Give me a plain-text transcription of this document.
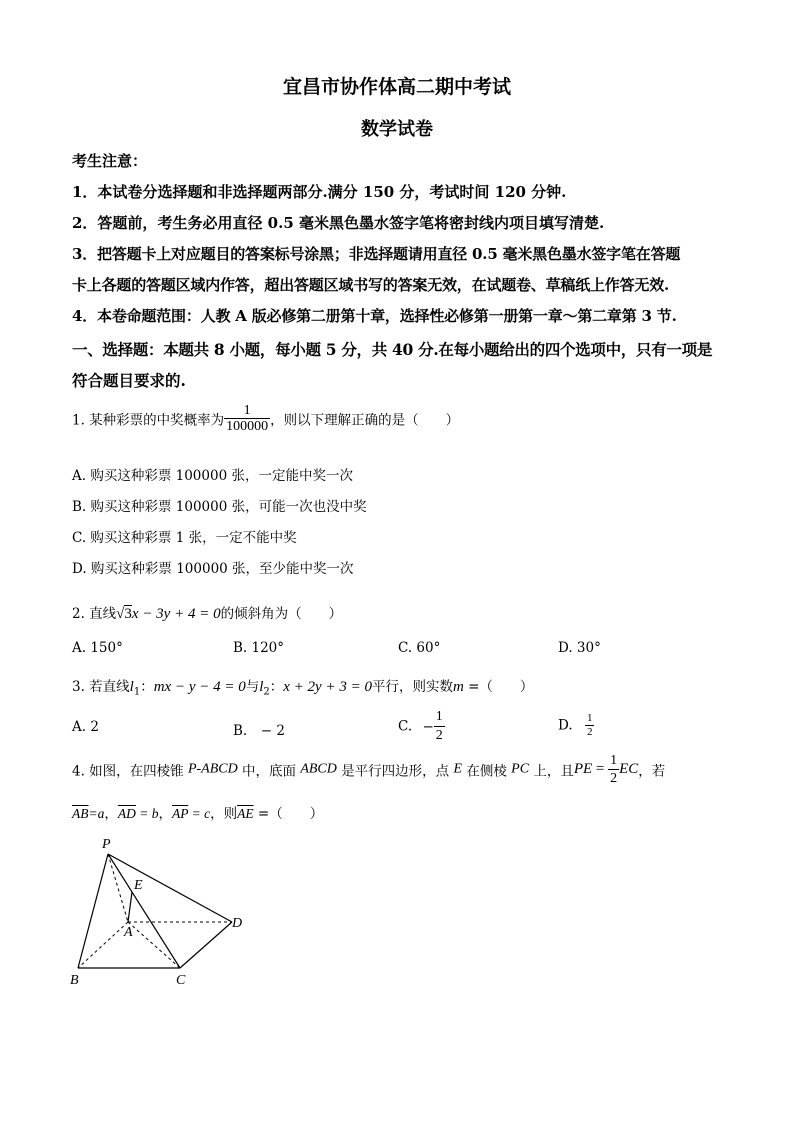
宜昌市协作体高二期中考试
数学试卷
考生注意：
1．本试卷分选择题和非选择题两部分.满分 150 分，考试时间 120 分钟.
2．答题前，考生务必用直径 0.5 毫米黑色墨水签字笔将密封线内项目填写清楚.
3．把答题卡上对应题目的答案标号涂黑；非选择题请用直径 0.5 毫米黑色墨水签字笔在答题
卡上各题的答题区域内作答，超出答题区域书写的答案无效，在试题卷、草稿纸上作答无效.
4．本卷命题范围：人教 A 版必修第二册第十章，选择性必修第一册第一章～第二章第 3 节.
一、选择题：本题共 8 小题，每小题 5 分，共 40 分.在每小题给出的四个选项中，只有一项是
符合题目要求的.
1. 某种彩票的中奖概率为 $\frac{1}{100000}$ ，则以下理解正确的是（　　）
A. 购买这种彩票 100000 张，一定能中奖一次
B. 购买这种彩票 100000 张，可能一次也没中奖
C. 购买这种彩票 1 张，一定不能中奖
D. 购买这种彩票 100000 张，至少能中奖一次
2. 直线√3x − 3y + 4 = 0的倾斜角为（　　）
A. 150°	B. 120°	C. 60°	D. 30°
3. 若直线$l_1$：mx − y − 4 = 0与$l_2$：x + 2y + 3 = 0平行，则实数m =（　　）
A. 2	B.　− 2	C. − $\frac{1}{2}$	D. $\frac{1}{2}$
4. 如图，在四棱锥 P-ABCD 中，底面 ABCD 是平行四边形，点 E 在侧棱 PC 上，且PE = $\frac{1}{2}$ EC，若
$\overline{AB}=a$，$\overline{AD} = b$，$\overline{AP} = c$，则$\overline{AE}$ =（　　）
P
E
A
D
B	C
